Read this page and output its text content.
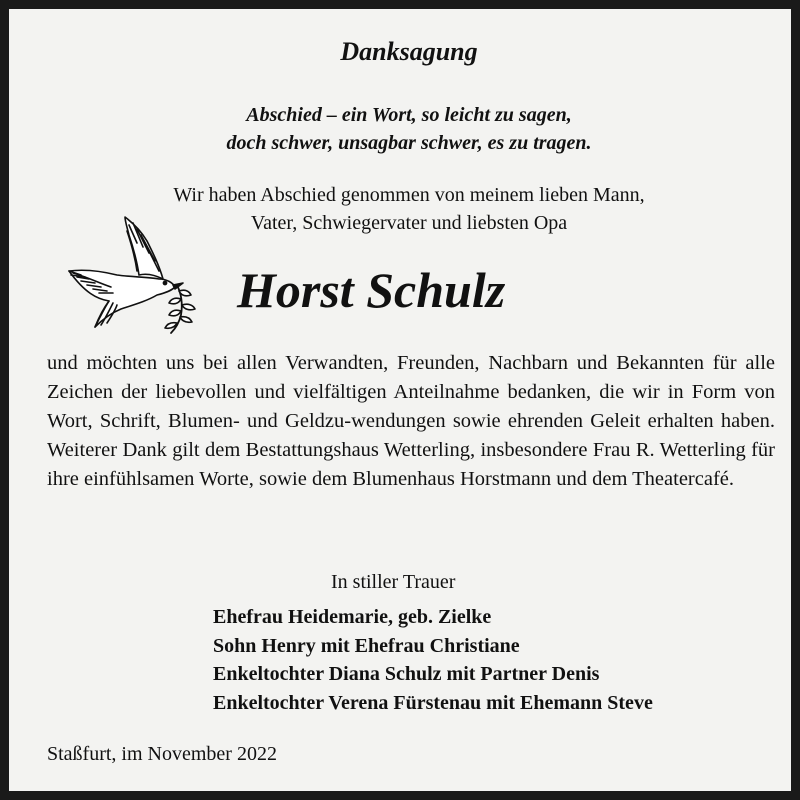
Danksagung
Abschied – ein Wort, so leicht zu sagen,
doch schwer, unsagbar schwer, es zu tragen.
Wir haben Abschied genommen von meinem lieben Mann,
Vater, Schwiegervater und liebsten Opa
Horst Schulz
und möchten uns bei allen Verwandten, Freunden, Nachbarn und Bekannten für alle Zeichen der liebevollen und vielfältigen Anteilnahme bedanken, die wir in Form von Wort, Schrift, Blumen- und Geldzu-wendungen sowie ehrenden Geleit erhalten haben. Weiterer Dank gilt dem Bestattungshaus Wetterling, insbesondere Frau R. Wetterling für ihre einfühlsamen Worte, sowie dem Blumenhaus Horstmann und dem Theatercafé.
In stiller Trauer
Ehefrau Heidemarie, geb. Zielke
Sohn Henry mit Ehefrau Christiane
Enkeltochter Diana Schulz mit Partner Denis
Enkeltochter Verena Fürstenau mit Ehemann Steve
Staßfurt, im November 2022
